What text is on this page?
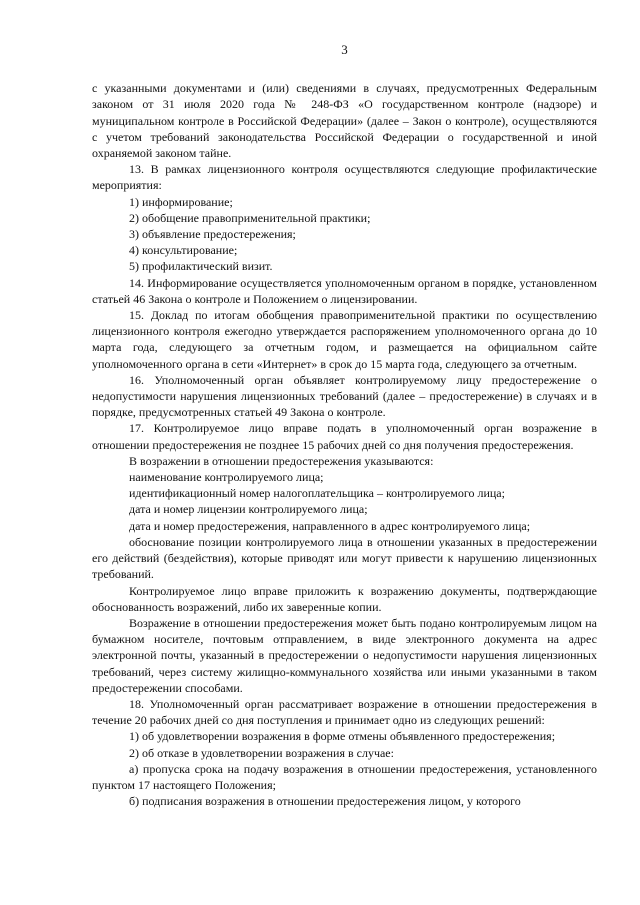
3

с указанными документами и (или) сведениями в случаях, предусмотренных Федеральным законом от 31 июля 2020 года № 248-ФЗ «О государственном контроле (надзоре) и муниципальном контроле в Российской Федерации» (далее – Закон о контроле), осуществляются с учетом требований законодательства Российской Федерации о государственной и иной охраняемой законом тайне.

13. В рамках лицензионного контроля осуществляются следующие профилактические мероприятия:

1) информирование;

2) обобщение правоприменительной практики;

3) объявление предостережения;

4) консультирование;

5) профилактический визит.

14. Информирование осуществляется уполномоченным органом в порядке, установленном статьей 46 Закона о контроле и Положением о лицензировании.

15. Доклад по итогам обобщения правоприменительной практики по осуществлению лицензионного контроля ежегодно утверждается распоряжением уполномоченного органа до 10 марта года, следующего за отчетным годом, и размещается на официальном сайте уполномоченного органа в сети «Интернет» в срок до 15 марта года, следующего за отчетным.

16. Уполномоченный орган объявляет контролируемому лицу предостережение о недопустимости нарушения лицензионных требований (далее – предостережение) в случаях и в порядке, предусмотренных статьей 49 Закона о контроле.

17. Контролируемое лицо вправе подать в уполномоченный орган возражение в отношении предостережения не позднее 15 рабочих дней со дня получения предостережения.

В возражении в отношении предостережения указываются:

наименование контролируемого лица;

идентификационный номер налогоплательщика – контролируемого лица;

дата и номер лицензии контролируемого лица;

дата и номер предостережения, направленного в адрес контролируемого лица;

обоснование позиции контролируемого лица в отношении указанных в предостережении его действий (бездействия), которые приводят или могут привести к нарушению лицензионных требований.

Контролируемое лицо вправе приложить к возражению документы, подтверждающие обоснованность возражений, либо их заверенные копии.

Возражение в отношении предостережения может быть подано контролируемым лицом на бумажном носителе, почтовым отправлением, в виде электронного документа на адрес электронной почты, указанный в предостережении о недопустимости нарушения лицензионных требований, через систему жилищно-коммунального хозяйства или иными указанными в таком предостережении способами.

18. Уполномоченный орган рассматривает возражение в отношении предостережения в течение 20 рабочих дней со дня поступления и принимает одно из следующих решений:

1) об удовлетворении возражения в форме отмены объявленного предостережения;

2) об отказе в удовлетворении возражения в случае:

а) пропуска срока на подачу возражения в отношении предостережения, установленного пунктом 17 настоящего Положения;

б) подписания возражения в отношении предостережения лицом, у которого
